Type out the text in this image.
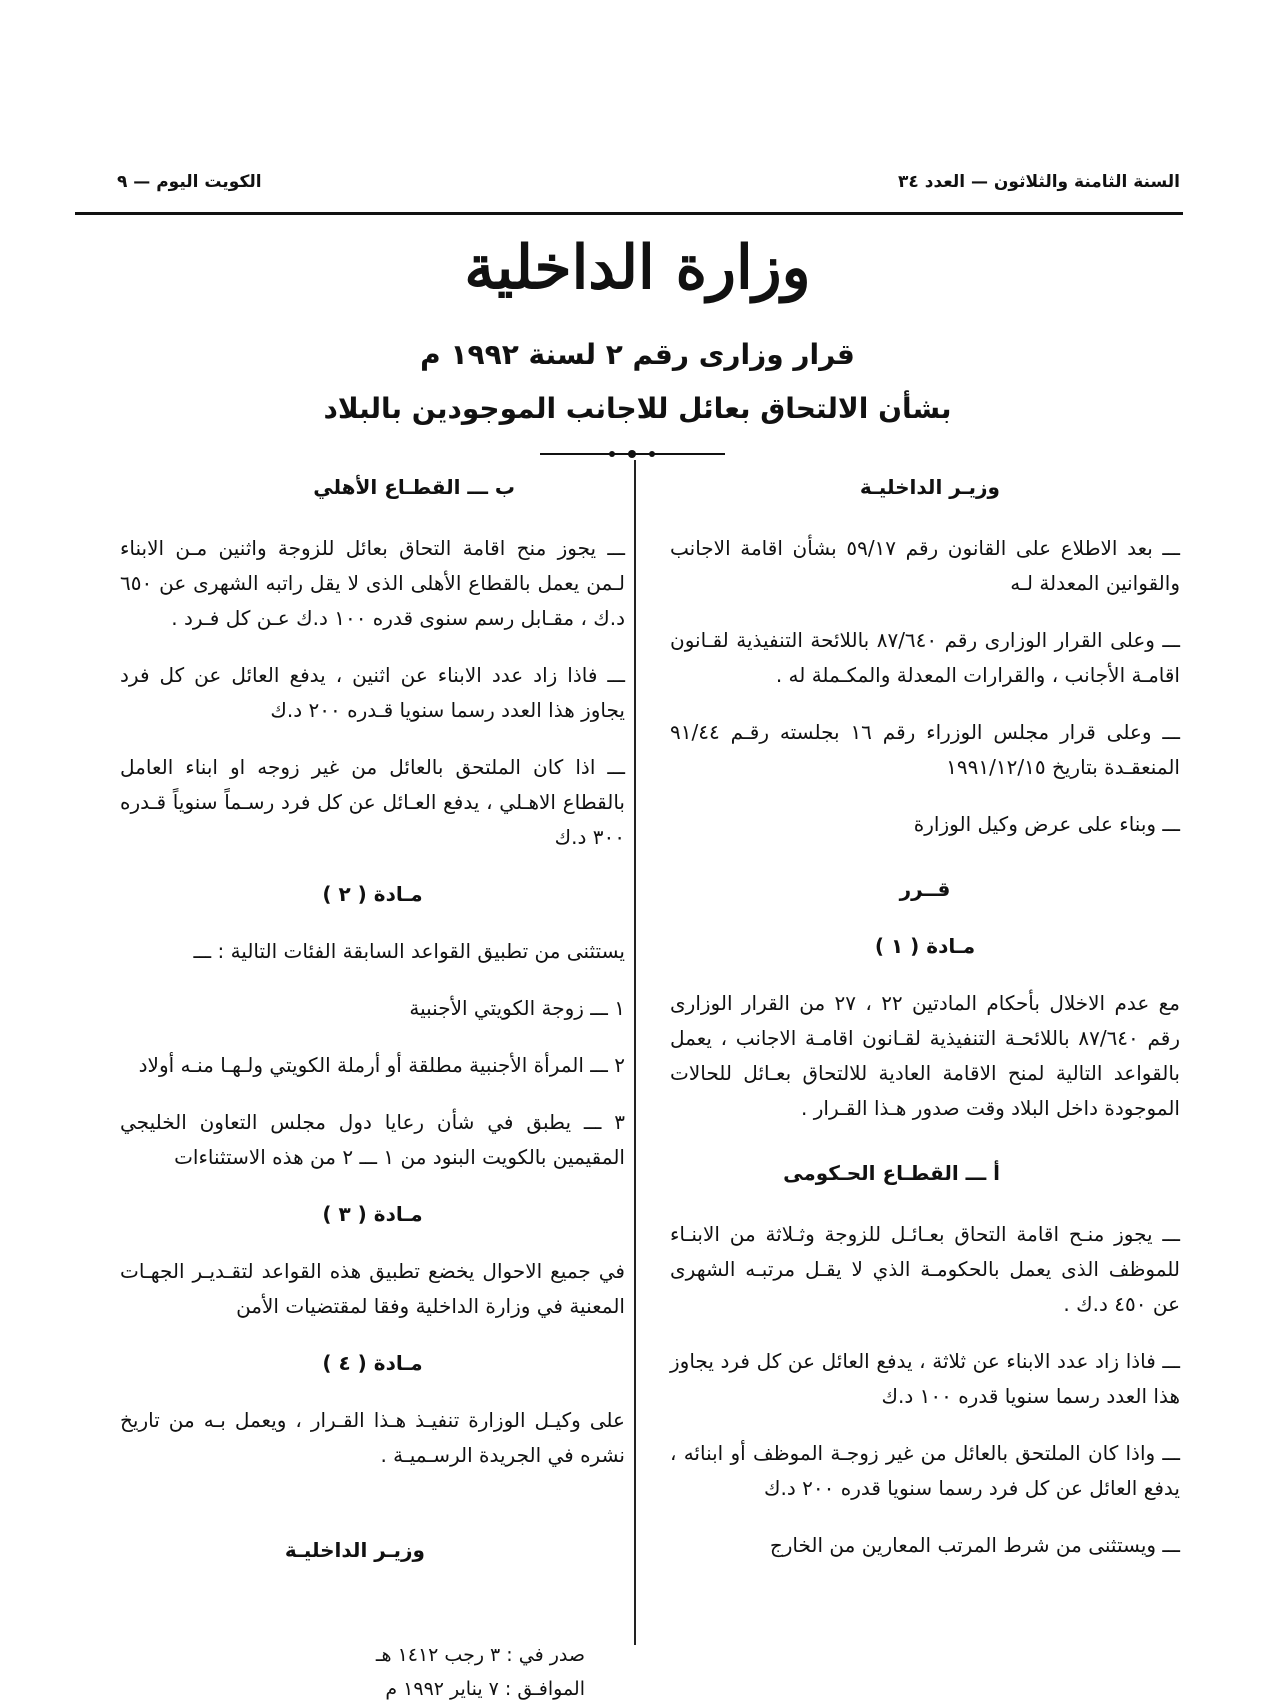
السنة الثامنة والثلاثون — العدد ٣٤
الكويت اليوم — ٩
وزارة الداخلية
قرار وزارى رقم ٢ لسنة ١٩٩٢ م
بشأن الالتحاق بعائل للاجانب الموجودين بالبلاد

وزيـر الداخليـة

ـــ بعد الاطلاع على القانون رقم ٥٩/١٧ بشأن اقامة الاجانب والقوانين المعدلة لـه

ـــ وعلى القرار الوزارى رقم ٨٧/٦٤٠ باللائحة التنفيذية لقـانون اقامـة الأجانب ، والقرارات المعدلة والمكـملة له .

ـــ وعلى قرار مجلس الوزراء رقم ١٦ بجلسته رقـم ٩١/٤٤ المنعقـدة بتاريخ ١٩٩١/١٢/١٥

ـــ وبناء على عرض وكيل الوزارة

قــرر

مـادة ( ١ )

مع عدم الاخلال بأحكام المادتين ٢٢ ، ٢٧ من القرار الوزارى رقم ٨٧/٦٤٠ باللائحـة التنفيذية لقـانون اقامـة الاجانب ، يعمل بالقواعد التالية لمنح الاقامة العادية للالتحاق بعـائل للحالات الموجودة داخل البلاد وقت صدور هـذا القـرار .

أ ـــ القطـاع الحـكومى

ـــ يجوز منـح اقامة التحاق بعـائـل للزوجة وثـلاثة من الابنـاء للموظف الذى يعمل بالحكومـة الذي لا يقـل مرتبـه الشهرى عن ٤٥٠ د.ك .

ـــ فاذا زاد عدد الابناء عن ثلاثة ، يدفع العائل عن كل فرد يجاوز هذا العدد رسما سنويا قدره ١٠٠ د.ك

ـــ واذا كان الملتحق بالعائل من غير زوجـة الموظف أو ابنائه ، يدفع العائل عن كل فرد رسما سنويا قدره ٢٠٠ د.ك

ـــ ويستثنى من شرط المرتب المعارين من الخارج

ب ـــ القطـاع الأهلي

ـــ يجوز منح اقامة التحاق بعائل للزوجة واثنين مـن الابناء لـمن يعمل بالقطاع الأهلى الذى لا يقل راتبه الشهرى عن ٦٥٠ د.ك ، مقـابل رسم سنوى قدره ١٠٠ د.ك عـن كل فـرد .

ـــ فاذا زاد عدد الابناء عن اثنين ، يدفع العائل عن كل فرد يجاوز هذا العدد رسما سنويا قـدره ٢٠٠ د.ك

ـــ اذا كان الملتحق بالعائل من غير زوجه او ابناء العامل بالقطاع الاهـلي ، يدفع العـائل عن كل فرد رسـماً سنوياً قـدره ٣٠٠ د.ك

مـادة ( ٢ )

يستثنى من تطبيق القواعد السابقة الفئات التالية : ـــ

١ ـــ زوجة الكويتي الأجنبية

٢ ـــ المرأة الأجنبية مطلقة أو أرملة الكويتي ولـهـا منـه أولاد

٣ ـــ يطبق في شأن رعايا دول مجلس التعاون الخليجي المقيمين بالكويت البنود من ١ ـــ ٢ من هذه الاستثناءات

مـادة ( ٣ )

في جميع الاحوال يخضع تطبيق هذه القواعد لتقـديـر الجهـات المعنية في وزارة الداخلية وفقا لمقتضيات الأمن

مـادة ( ٤ )

على وكيـل الوزارة تنفيـذ هـذا القـرار ، ويعمل بـه من تاريخ نشره في الجريدة الرسـميـة .

وزيـر الداخليـة

صدر في : ٣ رجب ١٤١٢ هـ
الموافـق : ٧ يناير ١٩٩٢ م
